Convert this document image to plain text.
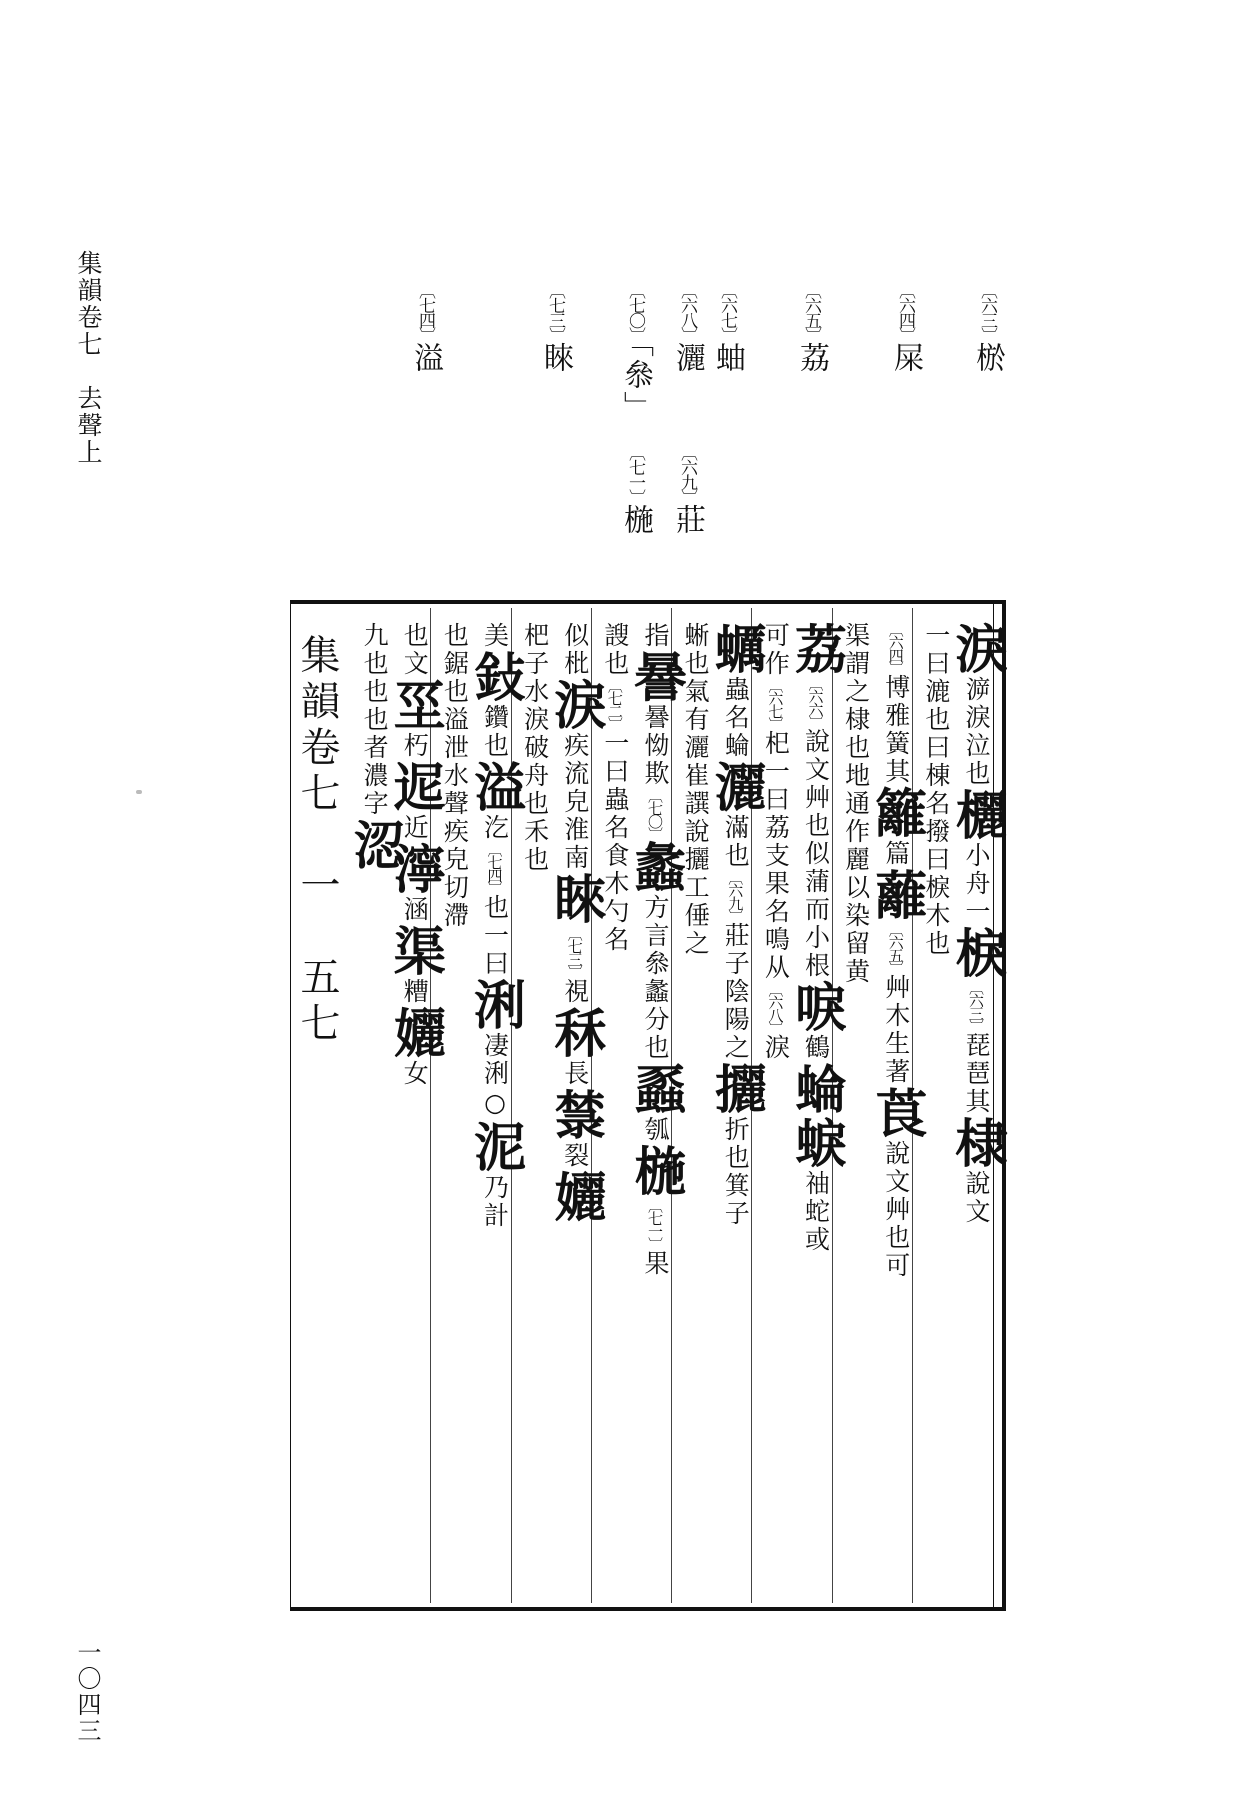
集韻卷七　去聲上
一〇四三
〔六三〕棜
〔六四〕屎
〔六五〕荔
〔六七〕蚰
〔六八〕灑
〔七〇〕「叅」
〔七三〕睞
〔七四〕溢
〔六九〕莊
〔七一〕椸
集韻卷七　一　五七	淚㴑淚泣也欐小舟一棙〔六三〕琵琶其棣說文
一曰漉也曰棟名撥曰棙木也
〔六四〕博雅簧其籬篇蘺〔六五〕艸木生著莨說文艸也可
渠謂之棣也地通作麗以染留黄
荔〔六六〕說文艸也似蒲而小根唳鶴蜦蜧䄂蛇或
可作〔六七〕𣏌一曰荔支果名鳴从〔六八〕淚
蠣蟲名蜦灑滿也〔六九〕莊子陰陽之攦折也箕子
蜥也氣有灑崔譔說攦工倕之
指謈謈怮欺〔七〇〕蠡方言叅蠡分也蟸瓠椸〔七一〕果
謏也〔七二〕一曰蟲名食木勺名
似枇淚疾流皃淮南睞〔七三〕視秝長㯟裂孋
杷子水淚破舟也禾也
美鈙鑽也溢汔〔七四〕也一曰浰凄浰○泥乃計
也鋸也溢泄水聲疾皃切滯
也文坙朽迡近濘涵渠糟孋女
九也也也者濃字涊
